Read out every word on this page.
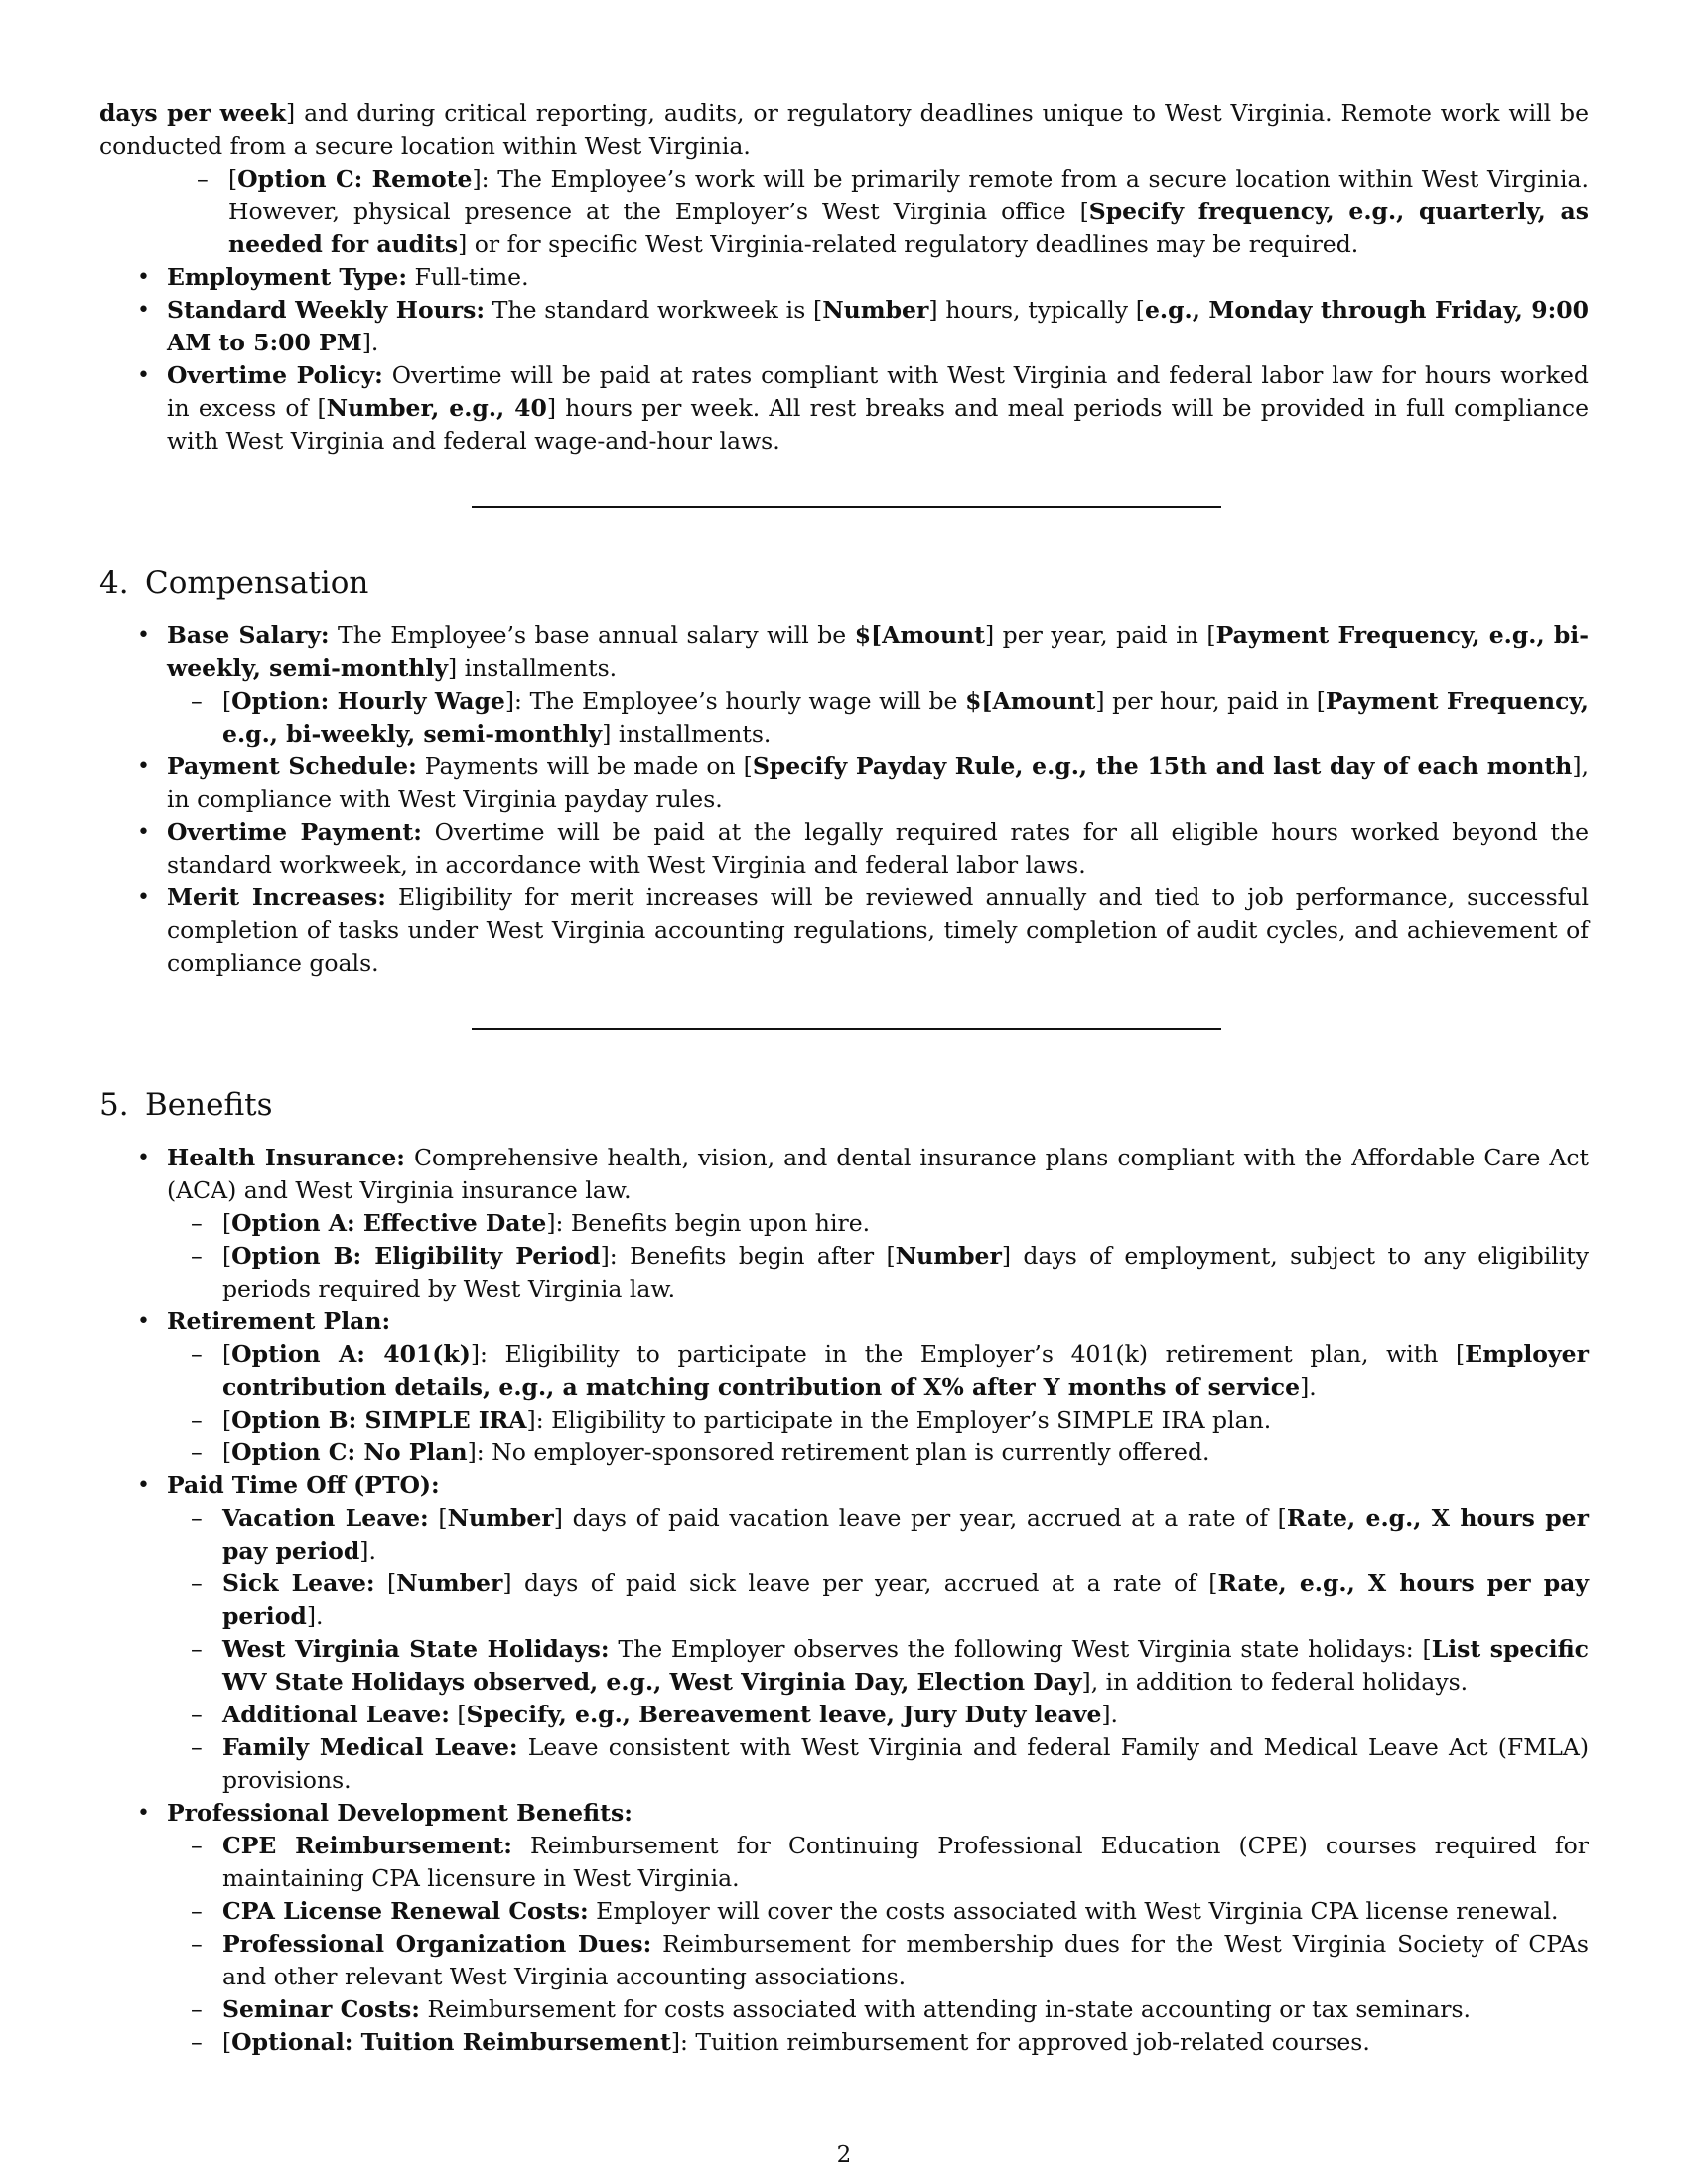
days per week] and during critical reporting, audits, or regulatory deadlines unique to West Virginia. Remote work will be conducted from a secure location within West Virginia.

– [Option C: Remote]: The Employee’s work will be primarily remote from a secure location within West Virginia. However, physical presence at the Employer’s West Virginia office [Specify frequency, e.g., quarterly, as needed for audits] or for specific West Virginia-related regulatory deadlines may be required.
• Employment Type: Full-time.
• Standard Weekly Hours: The standard workweek is [Number] hours, typically [e.g., Monday through Friday, 9:00 AM to 5:00 PM].
• Overtime Policy: Overtime will be paid at rates compliant with West Virginia and federal labor law for hours worked in excess of [Number, e.g., 40] hours per week. All rest breaks and meal periods will be provided in full compliance with West Virginia and federal wage-and-hour laws.
4. Compensation
• Base Salary: The Employee’s base annual salary will be $[Amount] per year, paid in [Payment Frequency, e.g., bi-weekly, semi-monthly] installments.
– [Option: Hourly Wage]: The Employee’s hourly wage will be $[Amount] per hour, paid in [Payment Frequency, e.g., bi-weekly, semi-monthly] installments.
• Payment Schedule: Payments will be made on [Specify Payday Rule, e.g., the 15th and last day of each month], in compliance with West Virginia payday rules.
• Overtime Payment: Overtime will be paid at the legally required rates for all eligible hours worked beyond the standard workweek, in accordance with West Virginia and federal labor laws.
• Merit Increases: Eligibility for merit increases will be reviewed annually and tied to job performance, successful completion of tasks under West Virginia accounting regulations, timely completion of audit cycles, and achievement of compliance goals.
5. Benefits
• Health Insurance: Comprehensive health, vision, and dental insurance plans compliant with the Affordable Care Act (ACA) and West Virginia insurance law.
– [Option A: Effective Date]: Benefits begin upon hire.
– [Option B: Eligibility Period]: Benefits begin after [Number] days of employment, subject to any eligibility periods required by West Virginia law.
• Retirement Plan:
– [Option A: 401(k)]: Eligibility to participate in the Employer’s 401(k) retirement plan, with [Employer contribution details, e.g., a matching contribution of X% after Y months of service].
– [Option B: SIMPLE IRA]: Eligibility to participate in the Employer’s SIMPLE IRA plan.
– [Option C: No Plan]: No employer-sponsored retirement plan is currently offered.
• Paid Time Off (PTO):
– Vacation Leave: [Number] days of paid vacation leave per year, accrued at a rate of [Rate, e.g., X hours per pay period].
– Sick Leave: [Number] days of paid sick leave per year, accrued at a rate of [Rate, e.g., X hours per pay period].
– West Virginia State Holidays: The Employer observes the following West Virginia state holidays: [List specific WV State Holidays observed, e.g., West Virginia Day, Election Day], in addition to federal holidays.
– Additional Leave: [Specify, e.g., Bereavement leave, Jury Duty leave].
– Family Medical Leave: Leave consistent with West Virginia and federal Family and Medical Leave Act (FMLA) provisions.
• Professional Development Benefits:
– CPE Reimbursement: Reimbursement for Continuing Professional Education (CPE) courses required for maintaining CPA licensure in West Virginia.
– CPA License Renewal Costs: Employer will cover the costs associated with West Virginia CPA license renewal.
– Professional Organization Dues: Reimbursement for membership dues for the West Virginia Society of CPAs and other relevant West Virginia accounting associations.
– Seminar Costs: Reimbursement for costs associated with attending in-state accounting or tax seminars.
– [Optional: Tuition Reimbursement]: Tuition reimbursement for approved job-related courses.
2
